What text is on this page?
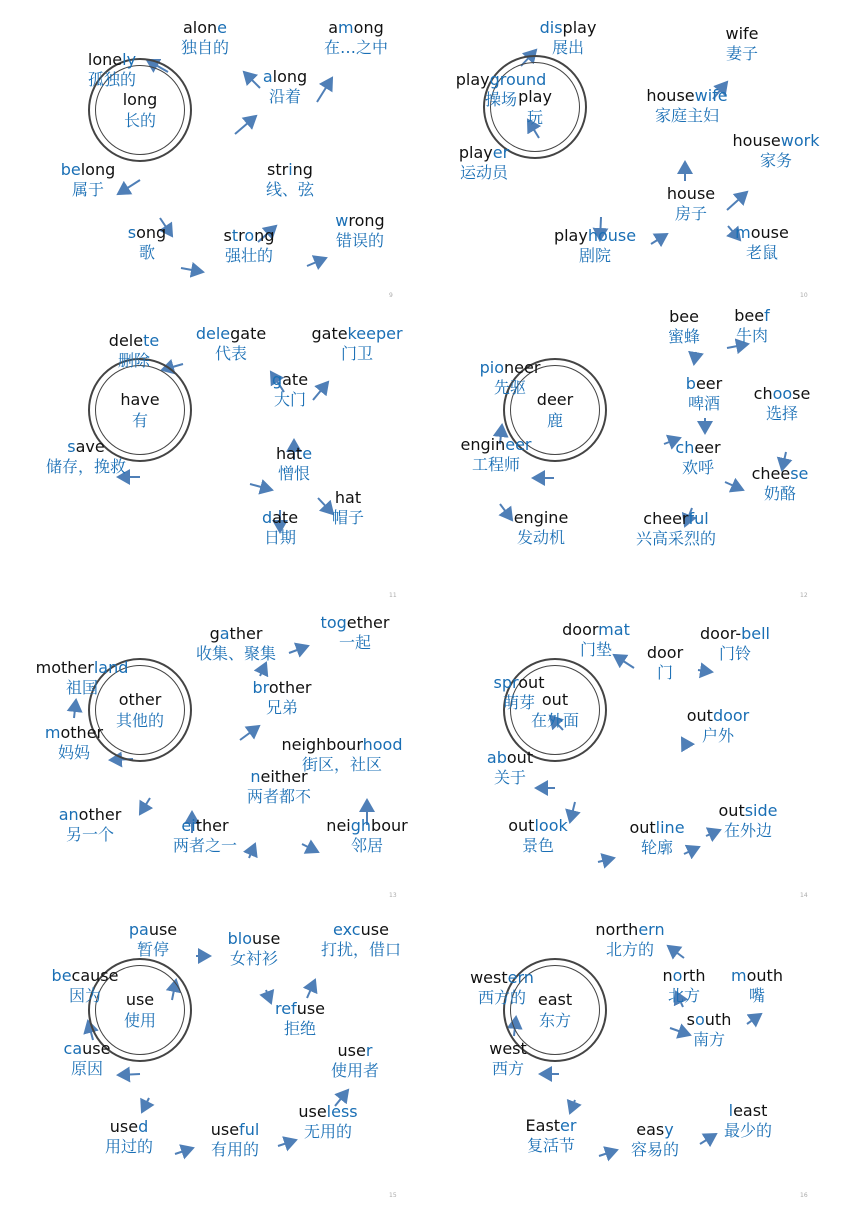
long
长的
alone
独自的
among
在…之中
lonely
孤独的	along
沿着
belong
属于
string
线、弦
song
歌
strong
强壮的
wrong
错误的
9
play
玩
display
展出
wife
妻子
playground
操场	housewife
家庭主妇
player
运动员
housework
家务
house
房子
playhouse
剧院
mouse
老鼠
10
have
有
delegate
代表
gatekeeper
门卫
delete
删除
gate
大门
save
储存，挽救
hate
憎恨
hat
帽子
date
日期
11
deer
鹿
bee
蜜蜂
beef
牛肉
pioneer
先驱	beer
啤酒
choose
选择
engineer
工程师
cheer
欢呼	cheese
奶酪
engine
发动机
cheerful
兴高采烈的
12
other
其他的
gather
收集、聚集
together
一起
motherland
祖国	brother
兄弟
neighbourhood
街区，社区
mother
妈妈
neither
两者都不
another
另一个	either
两者之一
neighbour
邻居
13
out
在外面
doormat
门垫	door
门
door-bell
门铃
sprout
萌芽
outdoor
户外
about
关于
outside
在外边
outlook
景色
outline
轮廓
14
use
使用
pause
暂停
blouse
女衬衫
excuse
打扰，借口
because
因为
refuse
拒绝
cause
原因
user
使用者
used
用过的
useful
有用的
useless
无用的
15
east
东方
northern
北方的
western
西方的
north
北方
mouth
嘴
south
南方
west
西方
Easter
复活节
easy
容易的
least
最少的
16
